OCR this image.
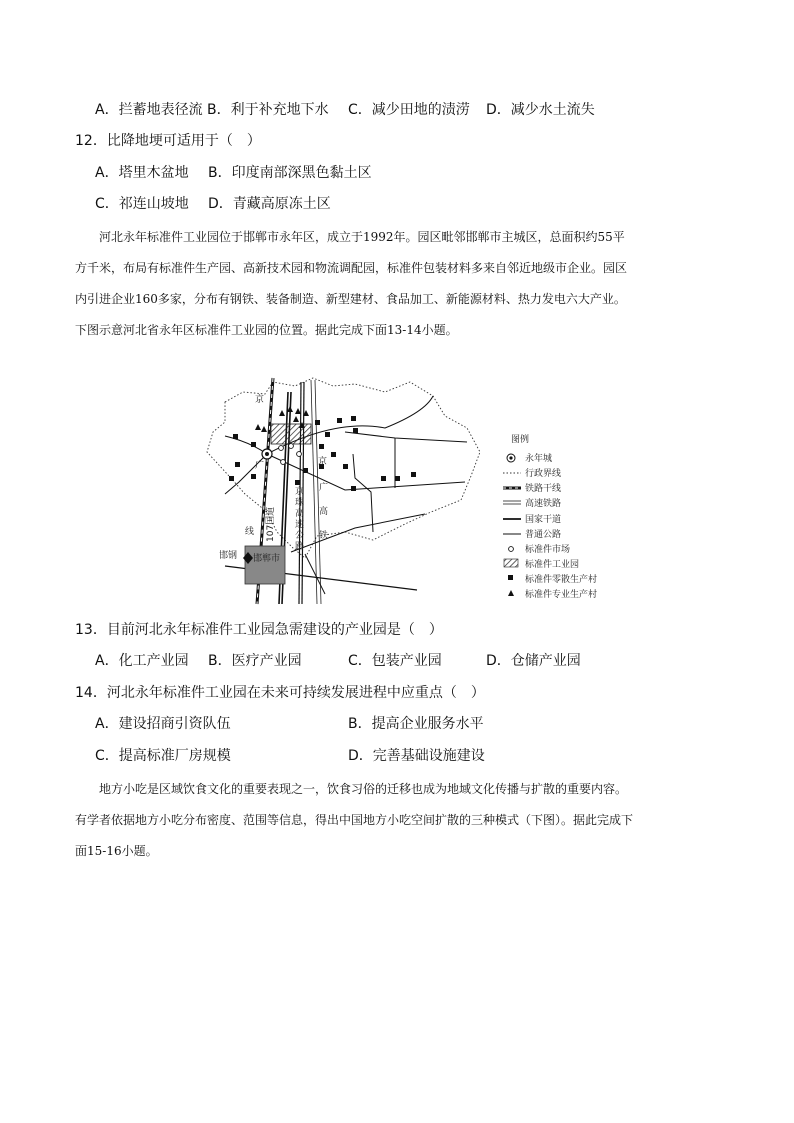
A．拦蓄地表径流 B．利于补充地下水 C．减少田地的渍涝 D．减少水土流失
12．比降地埂可适用于（　）
A．塔里木盆地 B．印度南部深黑色黏土区
C．祁连山坡地 D．青藏高原冻土区
河北永年标准件工业园位于邯郸市永年区，成立于1992年。园区毗邻邯郸市主城区，总面积约55平
方千米，布局有标准件生产园、高新技术园和物流调配园，标准件包装材料多来自邻近地级市企业。园区
内引进企业160多家，分布有钢铁、装备制造、新型建材、食品加工、新能源材料、热力发电六大产业。
下图示意河北省永年区标准件工业园的位置。据此完成下面13-14小题。
邯郸市
邯钢
京
广
线 107国道
京珠高速公路
京
广
高
铁
图例
永年城
行政界线
铁路干线
高速铁路
国家干道
普通公路
标准件市场
标准件工业园
标准件零散生产村
标准件专业生产村
13．目前河北永年标准件工业园急需建设的产业园是（　）
A．化工产业园 B．医疗产业园	C．包装产业园	D．仓储产业园
14．河北永年标准件工业园在未来可持续发展进程中应重点（　）
A．建设招商引资队伍	B．提高企业服务水平
C．提高标准厂房规模	D．完善基础设施建设
地方小吃是区域饮食文化的重要表现之一，饮食习俗的迁移也成为地域文化传播与扩散的重要内容。
有学者依据地方小吃分布密度、范围等信息，得出中国地方小吃空间扩散的三种模式（下图）。据此完成下
面15-16小题。
